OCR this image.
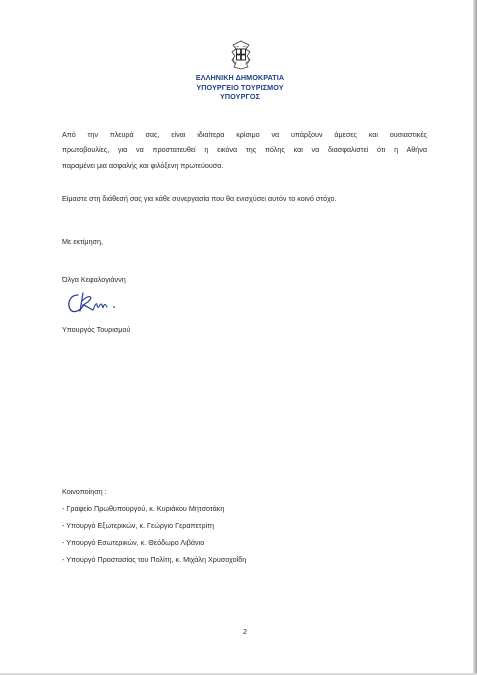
ΕΛΛΗΝΙΚΗ ΔΗΜΟΚΡΑΤΙΑ
ΥΠΟΥΡΓΕΙΟ ΤΟΥΡΙΣΜΟΥ
ΥΠΟΥΡΓΟΣ
Από την πλευρά σας, είναι ιδιαίτερα κρίσιμο να υπάρξουν άμεσες και ουσιαστικές
πρωτοβουλίες, για να προστατευθεί η εικόνα της πόλης και να διασφαλιστεί ότι η Αθήνα
παραμένει μια ασφαλής και φιλόξενη πρωτεύουσα.
Είμαστε στη διάθεσή σας για κάθε συνεργασία που θα ενισχύσει αυτόν το κοινό στόχο.
Με εκτίμηση,
Όλγα Κεφαλογιάννη
Υπουργός Τουρισμού
Κοινοποίηση :
- Γραφείο Πρωθυπουργού, κ. Κυριάκου Μητσοτάκη
- Υπουργό Εξωτερικών, κ. Γεώργιο Γεραπετρίτη
- Υπουργό Εσωτερικών, κ. Θεόδωρο Λιβάνιο
- Υπουργό Προστασίας του Πολίτη, κ. Μιχάλη Χρυσοχοΐδη
2
